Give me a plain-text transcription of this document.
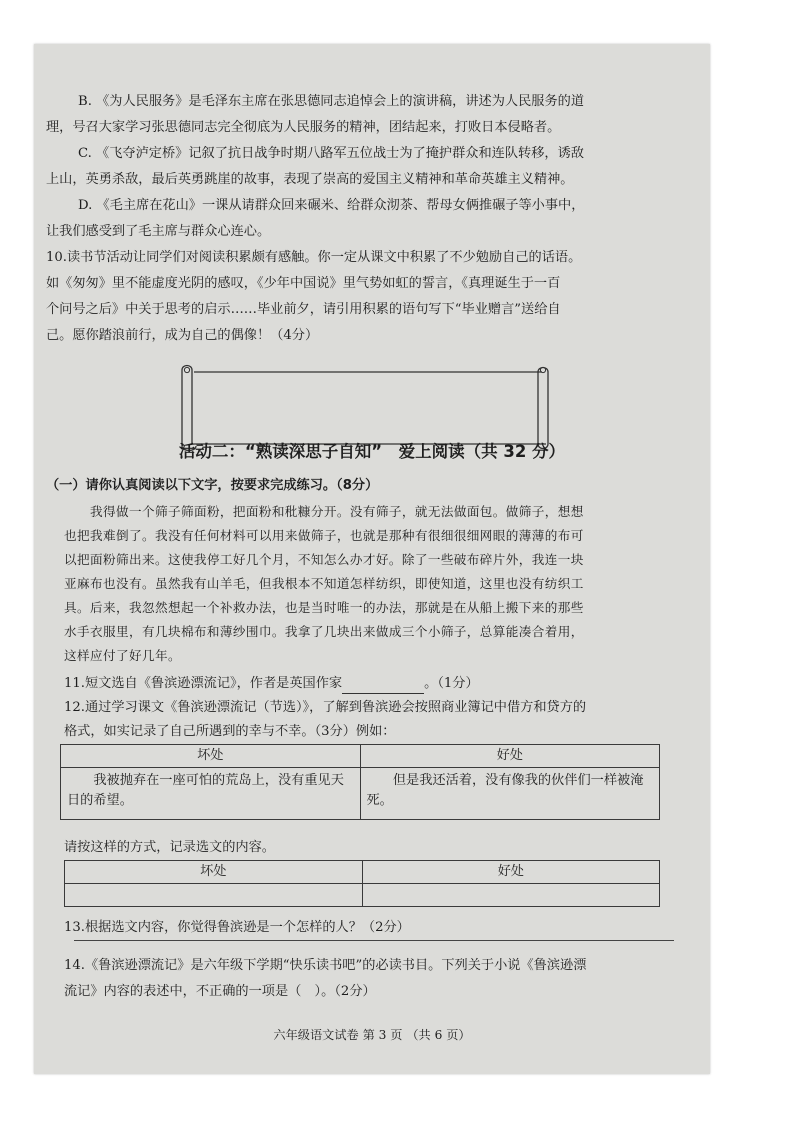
B. 《为人民服务》是毛泽东主席在张思德同志追悼会上的演讲稿，讲述为人民服务的道
理，号召大家学习张思德同志完全彻底为人民服务的精神，团结起来，打败日本侵略者。
C. 《飞夺泸定桥》记叙了抗日战争时期八路军五位战士为了掩护群众和连队转移，诱敌
上山，英勇杀敌，最后英勇跳崖的故事，表现了崇高的爱国主义精神和革命英雄主义精神。
D. 《毛主席在花山》一课从请群众回来碾米、给群众沏茶、帮母女俩推碾子等小事中，
让我们感受到了毛主席与群众心连心。
10.读书节活动让同学们对阅读积累颇有感触。你一定从课文中积累了不少勉励自己的话语。
如《匆匆》里不能虚度光阴的感叹，《少年中国说》里气势如虹的誓言，《真理诞生于一百
个问号之后》中关于思考的启示……毕业前夕，请引用积累的语句写下“毕业赠言”送给自
己。愿你踏浪前行，成为自己的偶像！（4分）
活动二：“熟读深思子自知”　爱上阅读（共 32 分）
（一）请你认真阅读以下文字，按要求完成练习。（8分）
我得做一个筛子筛面粉，把面粉和秕糠分开。没有筛子，就无法做面包。做筛子，想想
也把我难倒了。我没有任何材料可以用来做筛子，也就是那种有很细很细网眼的薄薄的布可
以把面粉筛出来。这使我停工好几个月，不知怎么办才好。除了一些破布碎片外，我连一块
亚麻布也没有。虽然我有山羊毛，但我根本不知道怎样纺织，即使知道，这里也没有纺织工
具。后来，我忽然想起一个补救办法，也是当时唯一的办法，那就是在从船上搬下来的那些
水手衣服里，有几块棉布和薄纱围巾。我拿了几块出来做成三个小筛子，总算能凑合着用，
这样应付了好几年。
11.短文选自《鲁滨逊漂流记》，作者是英国作家	。（1分）
12.通过学习课文《鲁滨逊漂流记（节选）》，了解到鲁滨逊会按照商业簿记中借方和贷方的
格式，如实记录了自己所遇到的幸与不幸。（3分）例如：
坏处	好处
　　我被抛弃在一座可怕的荒岛上，没有重见天日的希望。	　　但是我还活着，没有像我的伙伴们一样被淹死。
请按这样的方式，记录选文的内容。
坏处	好处

13.根据选文内容，你觉得鲁滨逊是一个怎样的人？（2分）
14.《鲁滨逊漂流记》是六年级下学期“快乐读书吧”的必读书目。下列关于小说《鲁滨逊漂
流记》内容的表述中，不正确的一项是（　）。（2分）
六年级语文试卷 第 3 页 （共 6 页）
